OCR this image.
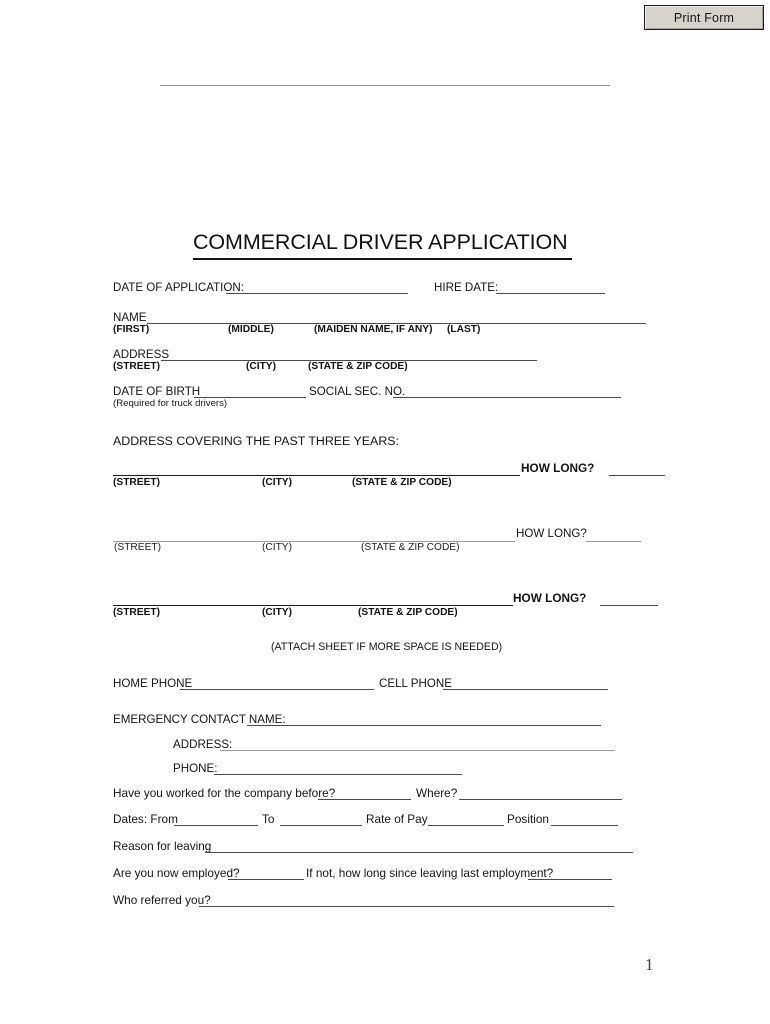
Print Form
COMMERCIAL DRIVER APPLICATION
DATE OF APPLICATION:	HIRE DATE:
NAME
(FIRST)	(MIDDLE)	(MAIDEN NAME, IF ANY) (LAST)
ADDRESS
(STREET)	(CITY)	(STATE & ZIP CODE)
DATE OF BIRTH	SOCIAL SEC. NO.
(Required for truck drivers)
ADDRESS COVERING THE PAST THREE YEARS:
HOW LONG?
(STREET)	(CITY)	(STATE & ZIP CODE)
HOW LONG?
(STREET)	(CITY)	(STATE & ZIP CODE)
HOW LONG?
(STREET)	(CITY)	(STATE & ZIP CODE)
(ATTACH SHEET IF MORE SPACE IS NEEDED)
HOME PHONE	CELL PHONE
EMERGENCY CONTACT NAME:
ADDRESS:
PHONE:
Have you worked for the company before?	Where?
Dates: From	To	Rate of Pay	Position
Reason for leaving
Are you now employed?	If not, how long since leaving last employment?
Who referred you?
1
